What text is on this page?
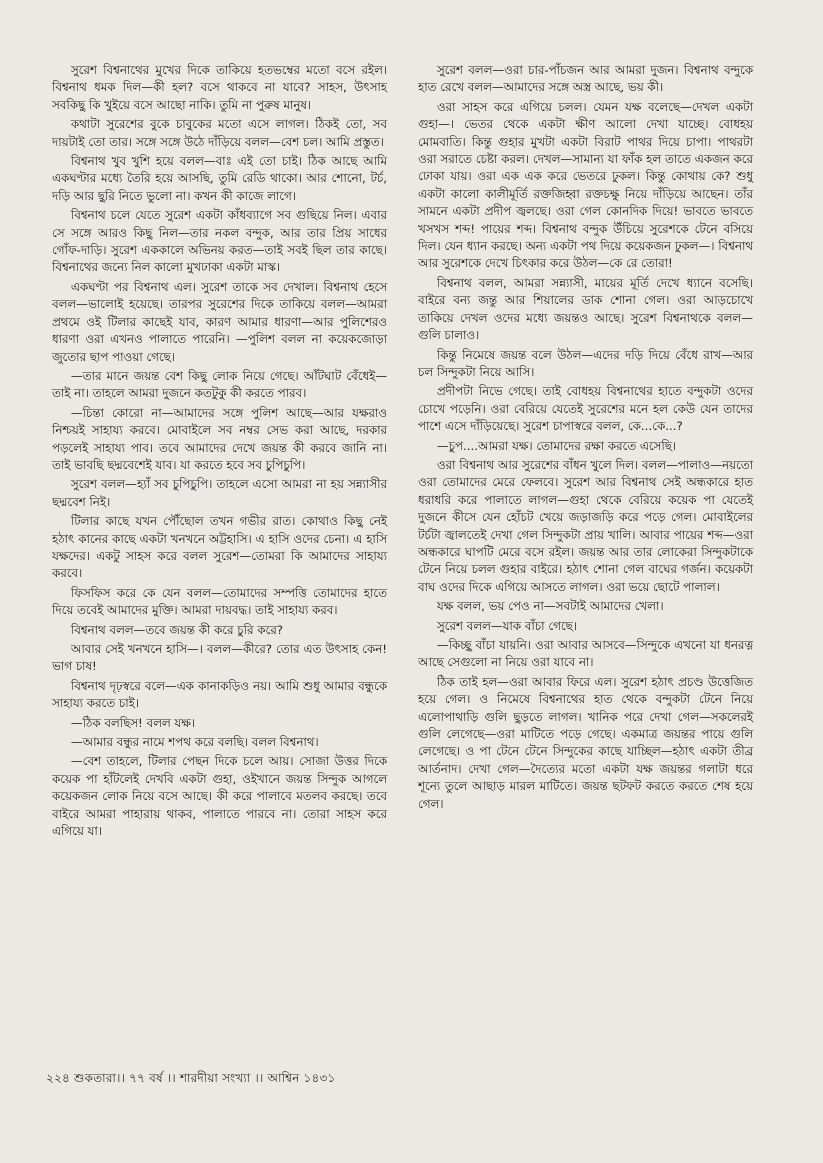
সুরেশ বিশ্বনাথের মুখের দিকে তাকিয়ে হতভম্বের মতো বসে রইল। বিশ্বনাথ ধমক দিল—কী হল? বসে থাকবে না যাবে? সাহস, উৎসাহ সবকিছু কি খুইয়ে বসে আছো নাকি। তুমি না পুরুষ মানুষ।

কথাটা সুরেশের বুকে চাবুকের মতো এসে লাগল। ঠিকই তো, সব দায়টাই তো তার। সঙ্গে সঙ্গে উঠে দাঁড়িয়ে বলল—বেশ চল। আমি প্রস্তুত।

বিশ্বনাথ খুব খুশি হয়ে বলল—বাঃ এই তো চাই। ঠিক আছে আমি একঘণ্টার মধ্যে তৈরি হয়ে আসছি, তুমি রেডি থাকো। আর শোনো, টর্চ, দড়ি আর ছুরি নিতে ভুলো না। কখন কী কাজে লাগে।

বিশ্বনাথ চলে যেতে সুরেশ একটা কাঁধব্যাগে সব গুছিয়ে নিল। এবার সে সঙ্গে আরও কিছু নিল—তার নকল বন্দুক, আর তার প্রিয় সাধের গোঁফ-দাড়ি। সুরেশ এককালে অভিনয় করত—তাই সবই ছিল তার কাছে। বিশ্বনাথের জন্যে নিল কালো মুখঢাকা একটা মাস্ক।

একঘণ্টা পর বিশ্বনাথ এল। সুরেশ তাকে সব দেখাল। বিশ্বনাথ হেসে বলল—ভালোই হয়েছে। তারপর সুরেশের দিকে তাকিয়ে বলল—আমরা প্রথমে ওই টিলার কাছেই যাব, কারণ আমার ধারণা—আর পুলিশেরও ধারণা ওরা এখনও পালাতে পারেনি। —পুলিশ বলল না কয়েকজোড়া জুতোর ছাপ পাওয়া গেছে।

—তার মানে জয়ন্ত বেশ কিছু লোক নিয়ে গেছে। আঁটঘাট বেঁধেই—তাই না। তাহলে আমরা দুজনে কতটুকু কী করতে পারব।

—চিন্তা কোরো না—আমাদের সঙ্গে পুলিশ আছে—আর যক্ষরাও নিশ্চয়ই সাহায্য করবে। মোবাইলে সব নম্বর সেভ করা আছে, দরকার পড়লেই সাহায্য পাব। তবে আমাদের দেখে জয়ন্ত কী করবে জানি না। তাই ভাবছি ছদ্মবেশেই যাব। যা করতে হবে সব চুপিচুপি।

সুরেশ বলল—হ্যাঁ সব চুপিচুপি। তাহলে এসো আমরা না হয় সন্ন্যাসীর ছদ্মবেশ নিই।

টিলার কাছে যখন পৌঁছোল তখন গভীর রাত। কোথাও কিছু নেই হঠাৎ কানের কাছে একটা খনখনে অট্টহাসি। এ হাসি ওদের চেনা। এ হাসি যক্ষদের। একটু সাহস করে বলল সুরেশ—তোমরা কি আমাদের সাহায্য করবে।

ফিসফিস করে কে যেন বলল—তোমাদের সম্পত্তি তোমাদের হাতে দিয়ে তবেই আমাদের মুক্তি। আমরা দায়বদ্ধ। তাই সাহায্য করব।

বিশ্বনাথ বলল—তবে জয়ন্ত কী করে চুরি করে?

আবার সেই খনখনে হাসি—। বলল—কীরে? তোর এত উৎসাহ কেন! ভাগ চাষ!

বিশ্বনাথ দৃঢ়স্বরে বলে—এক কানাকড়িও নয়। আমি শুধু আমার বন্ধুকে সাহায্য করতে চাই।

—ঠিক বলছিস! বলল যক্ষ।

—আমার বন্ধুর নামে শপথ করে বলছি। বলল বিশ্বনাথ।

—বেশ তাহলে, টিলার পেছন দিকে চলে আয়। সোজা উত্তর দিকে কয়েক পা হাঁটলেই দেখবি একটা গুহা, ওইখানে জয়ন্ত সিন্দুক আগলে কয়েকজন লোক নিয়ে বসে আছে। কী করে পালাবে মতলব করছে। তবে বাইরে আমরা পাহারায় থাকব, পালাতে পারবে না। তোরা সাহস করে এগিয়ে যা।

সুরেশ বলল—ওরা চার-পাঁচজন আর আমরা দুজন। বিশ্বনাথ বন্দুকে হাত রেখে বলল—আমাদের সঙ্গে অস্ত্র আছে, ভয় কী।

ওরা সাহস করে এগিয়ে চলল। যেমন যক্ষ বলেছে—দেখল একটা গুহা—। ভেতর থেকে একটা ক্ষীণ আলো দেখা যাচ্ছে। বোধহয় মোমবাতি। কিন্তু গুহার মুখটা একটা বিরাট পাথর দিয়ে চাপা। পাথরটা ওরা সরাতে চেষ্টা করল। দেখল—সামান্য যা ফাঁক হল তাতে একজন করে ঢোকা যায়। ওরা এক এক করে ভেতরে ঢুকল। কিন্তু কোথায় কে? শুধু একটা কালো কালীমূর্তি রক্তজিহ্বা রক্তচক্ষু নিয়ে দাঁড়িয়ে আছেন। তাঁর সামনে একটা প্রদীপ জ্বলছে। ওরা গেল কোনদিক দিয়ে! ভাবতে ভাবতে খসখস শব্দ! পায়ের শব্দ। বিশ্বনাথ বন্দুক উঁচিয়ে সুরেশকে টেনে বসিয়ে দিল। যেন ধ্যান করছে। অন্য একটা পথ দিয়ে কয়েকজন ঢুকল—। বিশ্বনাথ আর সুরেশকে দেখে চিৎকার করে উঠল—কে রে তোরা!

বিশ্বনাথ বলল, আমরা সন্ন্যাসী, মায়ের মূর্তি দেখে ধ্যানে বসেছি। বাইরে বন্য জন্তু আর শিয়ালের ডাক শোনা গেল। ওরা আড়চোখে তাকিয়ে দেখল ওদের মধ্যে জয়ন্তও আছে। সুরেশ বিশ্বনাথকে বলল—গুলি চালাও।

কিন্তু নিমেষে জয়ন্ত বলে উঠল—এদের দড়ি দিয়ে বেঁধে রাখ—আর চল সিন্দুকটা নিয়ে আসি।

প্রদীপটা নিভে গেছে। তাই বোধহয় বিশ্বনাথের হাতে বন্দুকটা ওদের চোখে পড়েনি। ওরা বেরিয়ে যেতেই সুরেশের মনে হল কেউ যেন তাদের পাশে এসে দাঁড়িয়েছে। সুরেশ চাপাস্বরে বলল, কে...কে...?

—চুপ....আমরা যক্ষ। তোমাদের রক্ষা করতে এসেছি।

ওরা বিশ্বনাথ আর সুরেশের বাঁধন খুলে দিল। বলল—পালাও—নয়তো ওরা তোমাদের মেরে ফেলবে। সুরেশ আর বিশ্বনাথ সেই অন্ধকারে হাত ধরাধরি করে পালাতে লাগল—গুহা থেকে বেরিয়ে কয়েক পা যেতেই দুজনে কীসে যেন হোঁচট খেয়ে জড়াজড়ি করে পড়ে গেল। মোবাইলের টর্চটা জ্বালতেই দেখা গেল সিন্দুকটা প্রায় খালি। আবার পায়ের শব্দ—ওরা অন্ধকারে ঘাপটি মেরে বসে রইল। জয়ন্ত আর তার লোকেরা সিন্দুকটাকে টেনে নিয়ে চলল গুহার বাইরে। হঠাৎ শোনা গেল বাঘের গর্জন। কয়েকটা বাঘ ওদের দিকে এগিয়ে আসতে লাগল। ওরা ভয়ে ছোটে পালাল।

যক্ষ বলল, ভয় পেও না—সবটাই আমাদের খেলা।

সুরেশ বলল—যাক বাঁচা গেছে।

—কিচ্ছু বাঁচা যায়নি। ওরা আবার আসবে—সিন্দুকে এখনো যা ধনরত্ন আছে সেগুলো না নিয়ে ওরা যাবে না।

ঠিক তাই হল—ওরা আবার ফিরে এল। সুরেশ হঠাৎ প্রচণ্ড উত্তেজিত হয়ে গেল। ও নিমেষে বিশ্বনাথের হাত থেকে বন্দুকটা টেনে নিয়ে এলোপাথাড়ি গুলি ছুড়তে লাগল। খানিক পরে দেখা গেল—সকলেরই গুলি লেগেছে—ওরা মাটিতে পড়ে গেছে। একমাত্র জয়ন্তর পায়ে গুলি লেগেছে। ও পা টেনে টেনে সিন্দুকের কাছে যাচ্ছিল—হঠাৎ একটা তীব্র আর্তনাদ। দেখা গেল—দৈত্যের মতো একটা যক্ষ জয়ন্তর গলাটা ধরে শূন্যে তুলে আছাড় মারল মাটিতে। জয়ন্ত ছটফট করতে করতে শেষ হয়ে গেল।

২২৪ শুকতারা।। ৭৭ বর্ষ ।। শারদীয়া সংখ্যা ।। আশ্বিন ১৪৩১
